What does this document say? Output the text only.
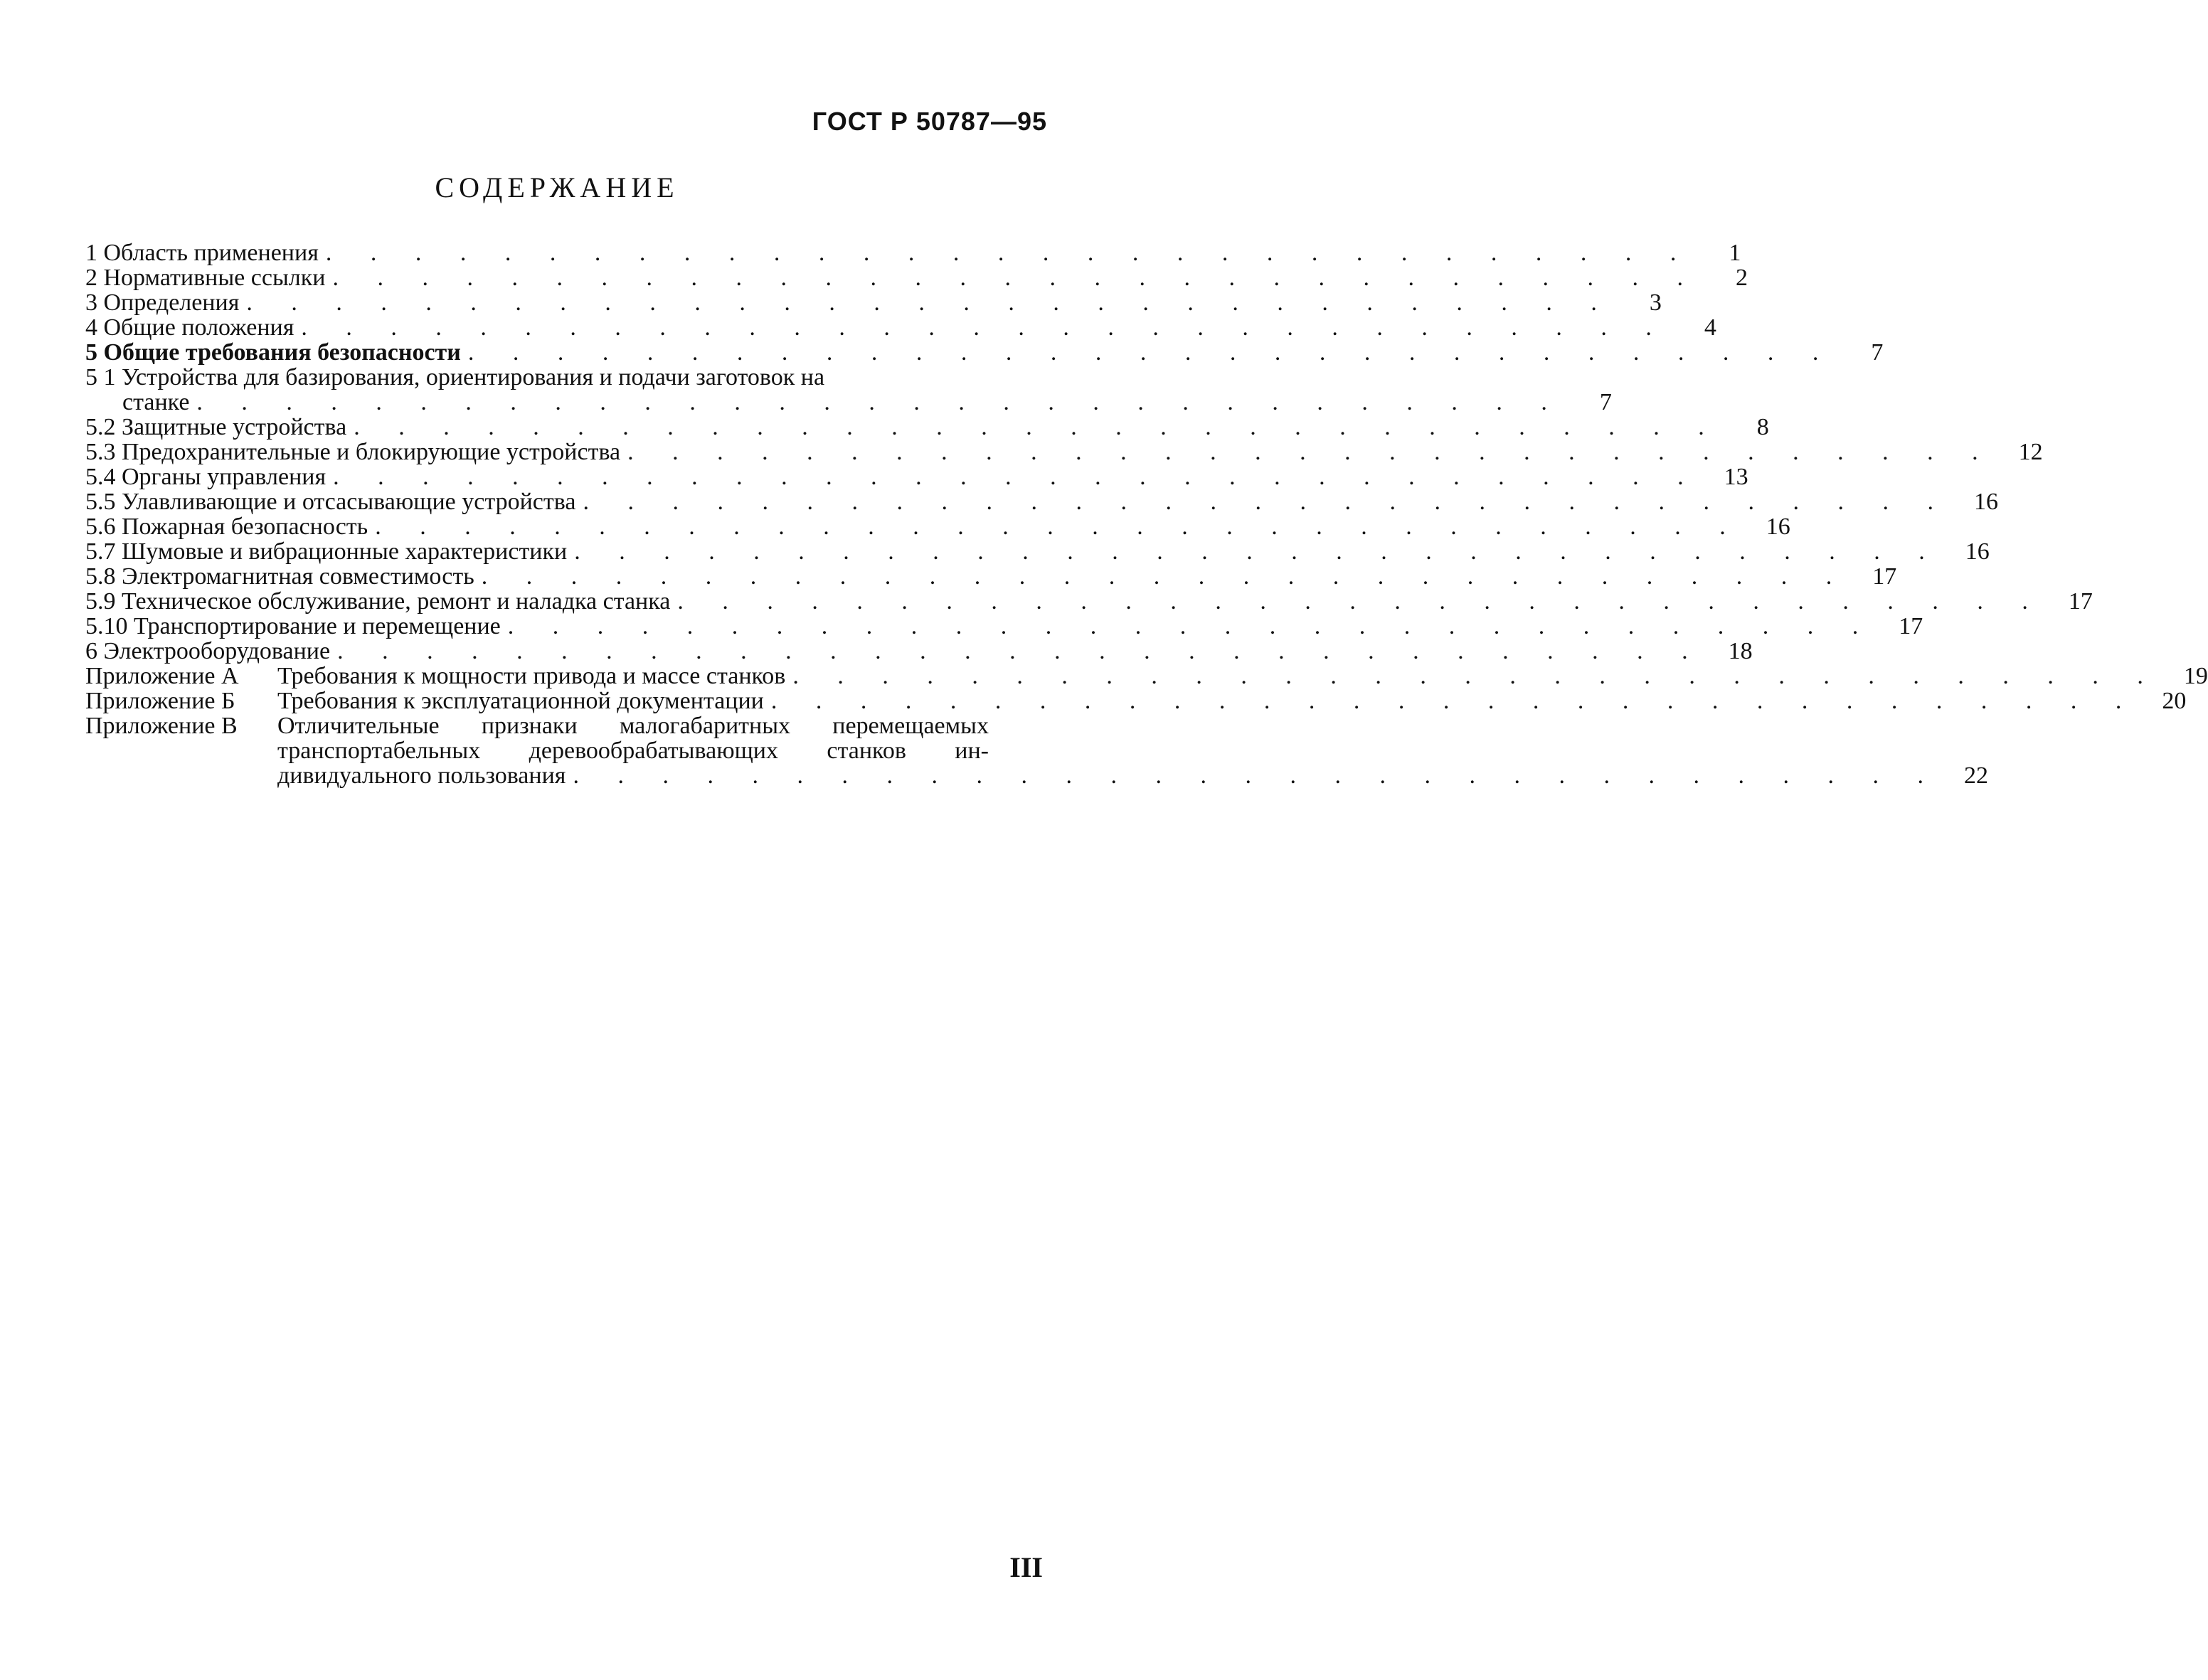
ГОСТ Р 50787—95
СОДЕРЖАНИЕ
1 Область применения . . . . . . . . . . . . . . . . . . . . . . . . . . . . . . .	1
2 Нормативные ссылки . . . . . . . . . . . . . . . . . . . . . . . . . . . . . . .	2
3 Определения . . . . . . . . . . . . . . . . . . . . . . . . . . . . . . .	3
4 Общие положения . . . . . . . . . . . . . . . . . . . . . . . . . . . . . . .	4
5 Общие требования безопасности . . . . . . . . . . . . . . . . . . . . . . . . . . . . . . .	7
5 1 Устройства для базирования, ориентирования и подачи заготовок на
станке . . . . . . . . . . . . . . . . . . . . . . . . . . . . . . .	7
5.2 Защитные устройства . . . . . . . . . . . . . . . . . . . . . . . . . . . . . . .	8
5.3 Предохранительные и блокирующие устройства . . . . . . . . . . . . . . . . . . . . . . . . . . . . . . .	12
5.4 Органы управления . . . . . . . . . . . . . . . . . . . . . . . . . . . . . . .	13
5.5 Улавливающие и отсасывающие устройства . . . . . . . . . . . . . . . . . . . . . . . . . . . . . . .	16
5.6 Пожарная безопасность . . . . . . . . . . . . . . . . . . . . . . . . . . . . . . .	16
5.7 Шумовые и вибрационные характеристики . . . . . . . . . . . . . . . . . . . . . . . . . . . . . . .	16
5.8 Электромагнитная совместимость . . . . . . . . . . . . . . . . . . . . . . . . . . . . . . .	17
5.9 Техническое обслуживание, ремонт и наладка станка . . . . . . . . . . . . . . . . . . . . . . . . . . . . . . .	17
5.10 Транспортирование и перемещение . . . . . . . . . . . . . . . . . . . . . . . . . . . . . . .	17
6 Электрооборудование . . . . . . . . . . . . . . . . . . . . . . . . . . . . . . .	18
Приложение А	Требования к мощности привода и массе станков . . . . . . . . . . . . . . . . . . . . . . . . . . . . . . .	19
Приложение Б	Требования к эксплуатационной документации . . . . . . . . . . . . . . . . . . . . . . . . . . . . . . .	20
Приложение В	Отличительные признаки малогабаритных перемещаемых
транспортабельных деревообрабатывающих станков ин-
дивидуального пользования . . . . . . . . . . . . . . . . . . . . . . . . . . . . . . .	22
III
